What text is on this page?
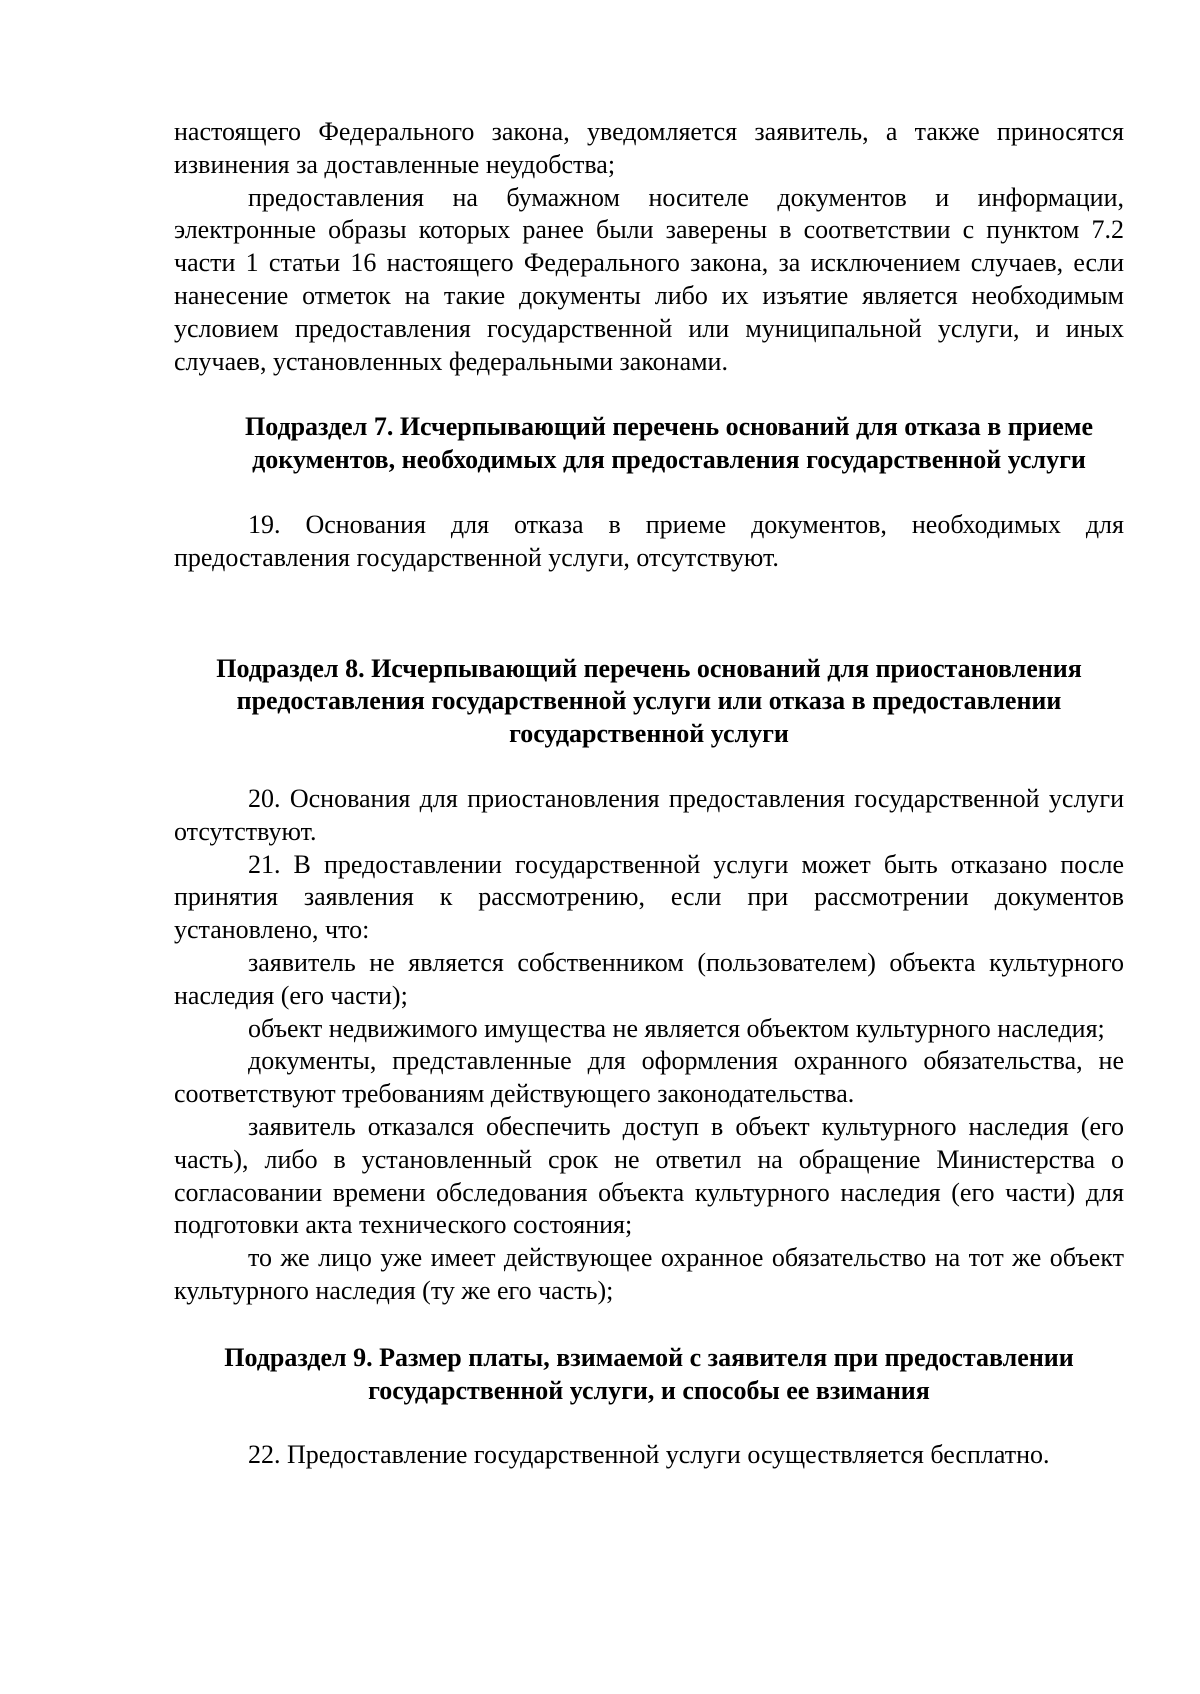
настоящего Федерального закона, уведомляется заявитель, а также приносятся извинения за доставленные неудобства;

предоставления на бумажном носителе документов и информации, электронные образы которых ранее были заверены в соответствии с пунктом 7.2 части 1 статьи 16 настоящего Федерального закона, за исключением случаев, если нанесение отметок на такие документы либо их изъятие является необходимым условием предоставления государственной или муниципальной услуги, и иных случаев, установленных федеральными законами.

Подраздел 7. Исчерпывающий перечень оснований для отказа в приеме документов, необходимых для предоставления государственной услуги

19. Основания для отказа в приеме документов, необходимых для предоставления государственной услуги, отсутствуют.

Подраздел 8. Исчерпывающий перечень оснований для приостановления предоставления государственной услуги или отказа в предоставлении государственной услуги

20. Основания для приостановления предоставления государственной услуги отсутствуют.

21. В предоставлении государственной услуги может быть отказано после принятия заявления к рассмотрению, если при рассмотрении документов установлено, что:

заявитель не является собственником (пользователем) объекта культурного наследия (его части);

объект недвижимого имущества не является объектом культурного наследия;

документы, представленные для оформления охранного обязательства, не соответствуют требованиям действующего законодательства.

заявитель отказался обеспечить доступ в объект культурного наследия (его часть), либо в установленный срок не ответил на обращение Министерства о согласовании времени обследования объекта культурного наследия (его части) для подготовки акта технического состояния;

то же лицо уже имеет действующее охранное обязательство на тот же объект культурного наследия (ту же его часть);

Подраздел 9. Размер платы, взимаемой с заявителя при предоставлении государственной услуги, и способы ее взимания

22. Предоставление государственной услуги осуществляется бесплатно.
